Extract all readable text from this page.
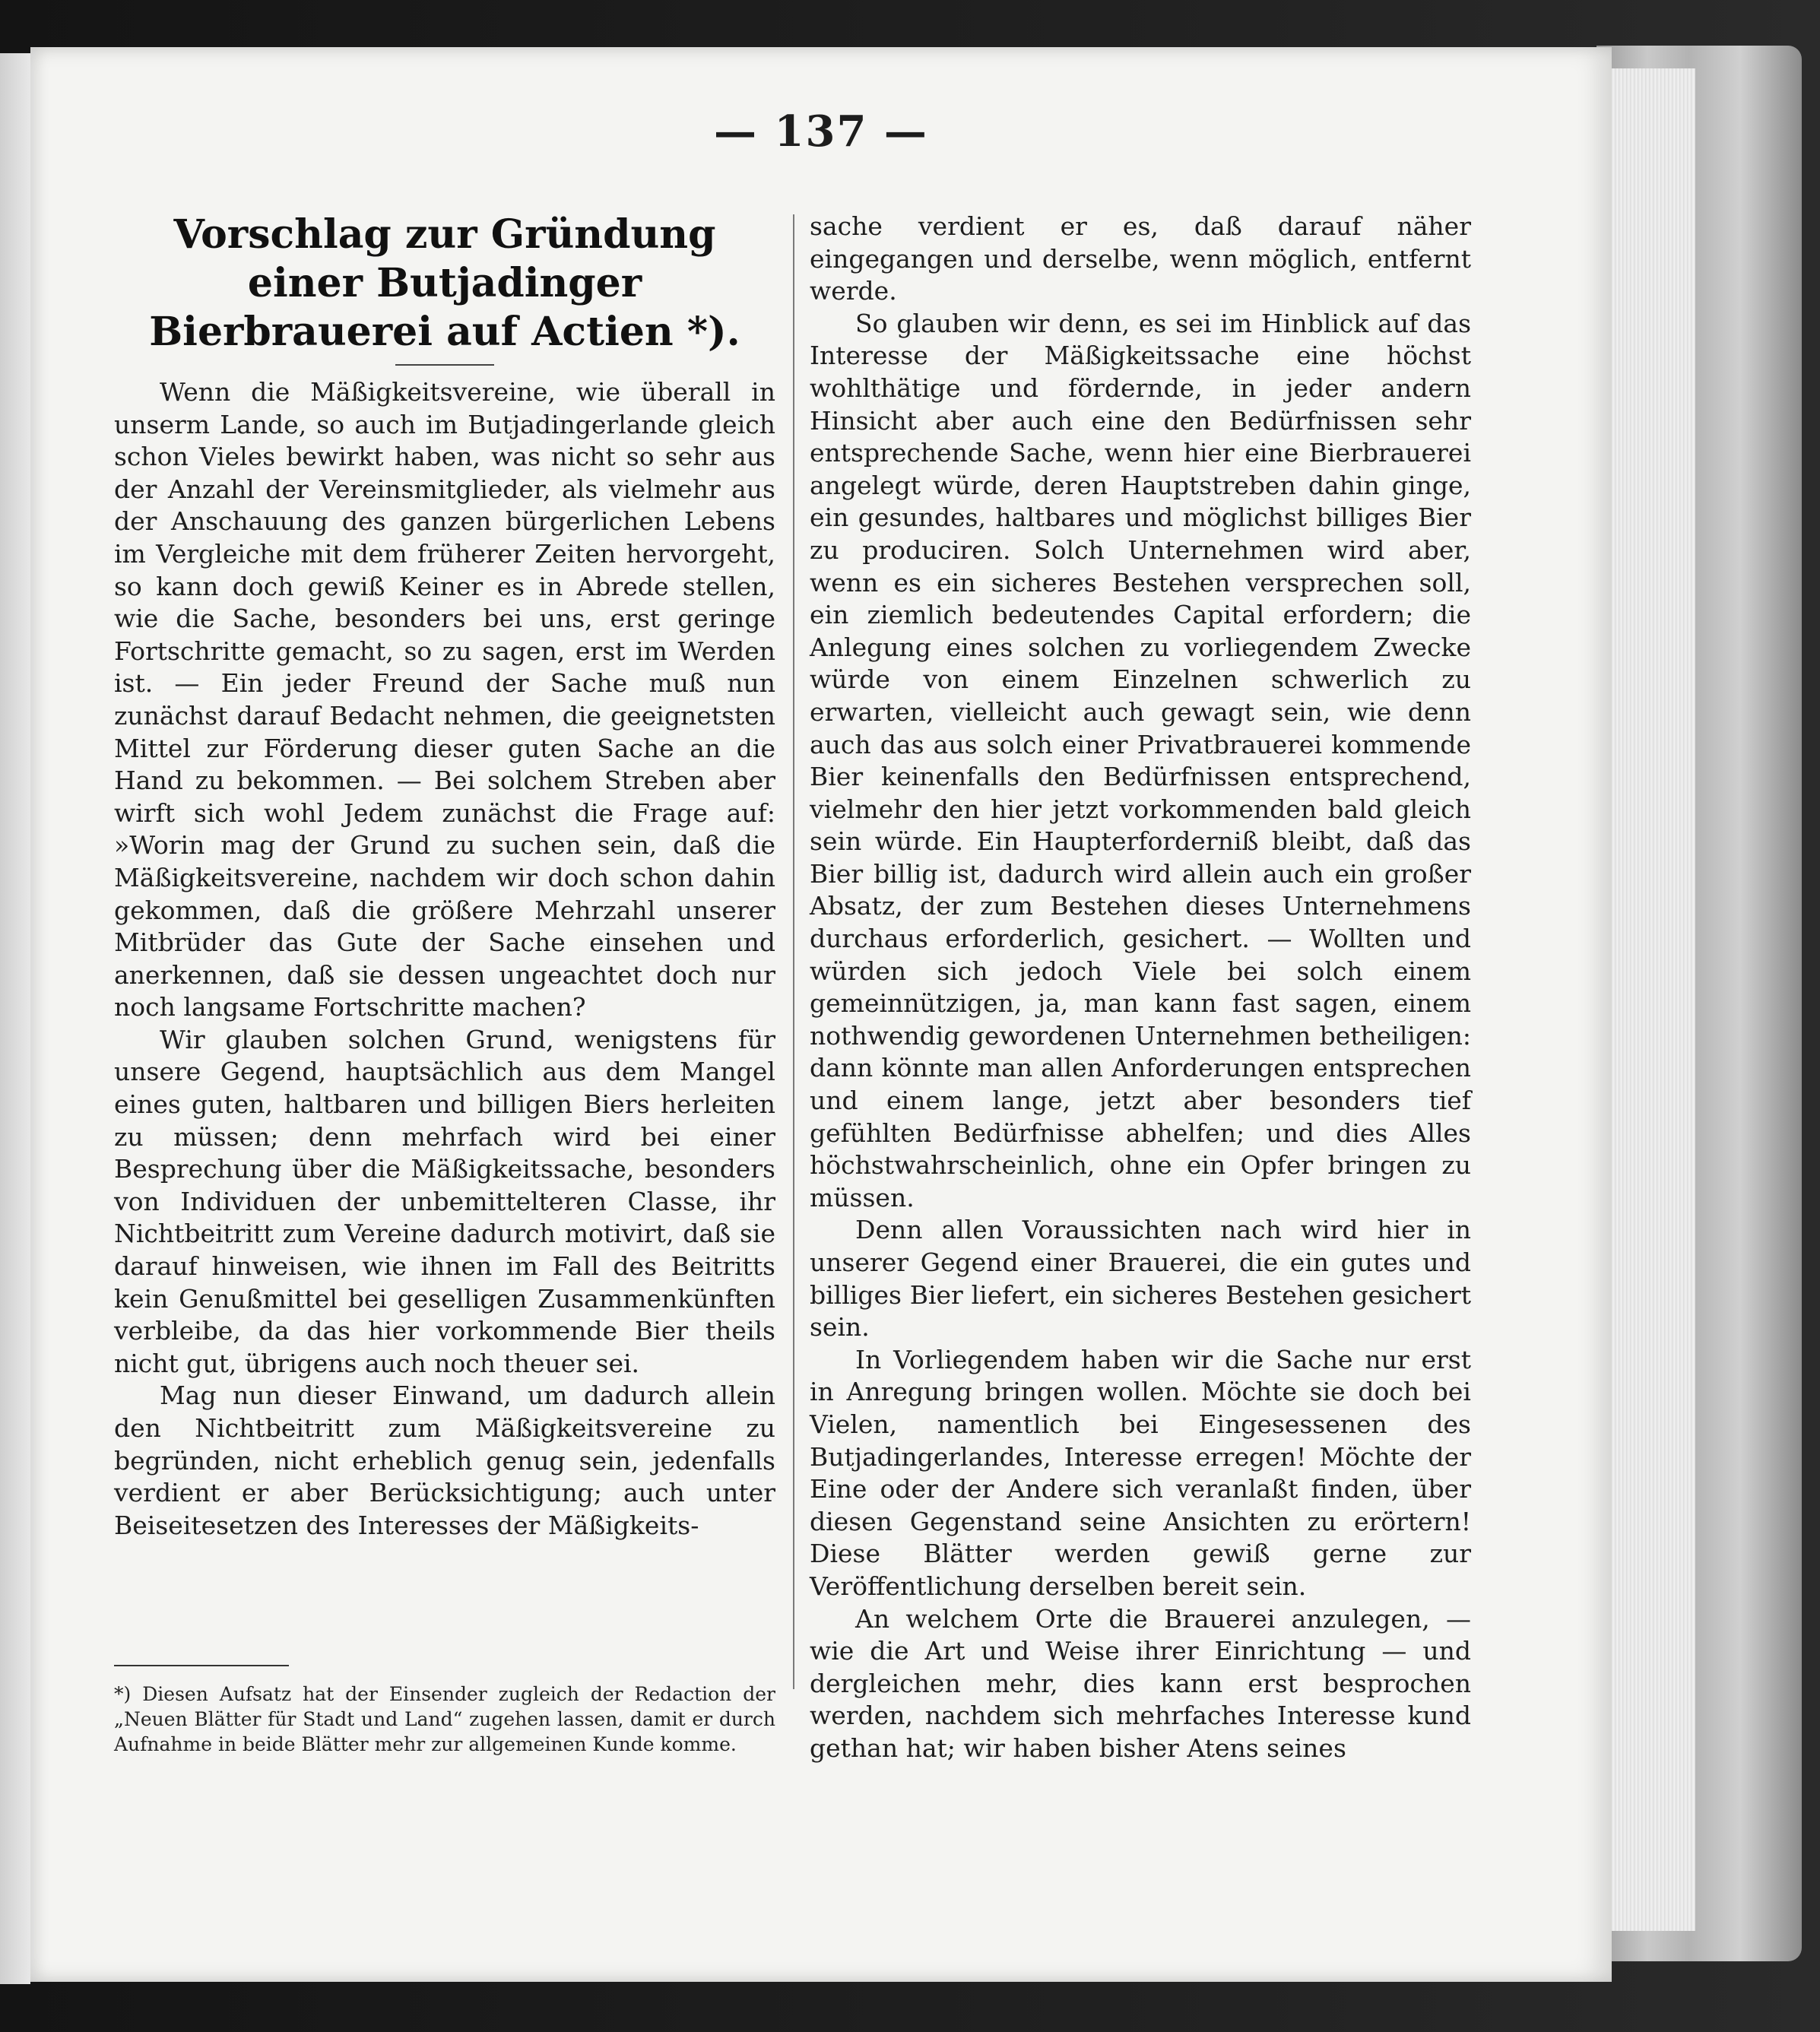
— 137 —
Vorschlag zur Gründung einer Butjadinger Bierbrauerei auf Actien *).

Wenn die Mäßigkeitsvereine, wie überall in unserm Lande, so auch im Butjadingerlande gleich schon Vieles bewirkt haben, was nicht so sehr aus der Anzahl der Vereinsmitglieder, als vielmehr aus der Anschauung des ganzen bürgerlichen Lebens im Vergleiche mit dem früherer Zeiten hervorgeht, so kann doch gewiß Keiner es in Abrede stellen, wie die Sache, besonders bei uns, erst geringe Fortschritte gemacht, so zu sagen, erst im Werden ist. — Ein jeder Freund der Sache muß nun zunächst darauf Bedacht nehmen, die geeignetsten Mittel zur Förderung dieser guten Sache an die Hand zu bekommen. — Bei solchem Streben aber wirft sich wohl Jedem zunächst die Frage auf: »Worin mag der Grund zu suchen sein, daß die Mäßigkeitsvereine, nachdem wir doch schon dahin gekommen, daß die größere Mehrzahl unserer Mitbrüder das Gute der Sache einsehen und anerkennen, daß sie dessen ungeachtet doch nur noch langsame Fortschritte machen?

Wir glauben solchen Grund, wenigstens für unsere Gegend, hauptsächlich aus dem Mangel eines guten, haltbaren und billigen Biers herleiten zu müssen; denn mehrfach wird bei einer Besprechung über die Mäßigkeitssache, besonders von Individuen der unbemittelteren Classe, ihr Nichtbeitritt zum Vereine dadurch motivirt, daß sie darauf hinweisen, wie ihnen im Fall des Beitritts kein Genußmittel bei geselligen Zusammenkünften verbleibe, da das hier vorkommende Bier theils nicht gut, übrigens auch noch theuer sei.

Mag nun dieser Einwand, um dadurch allein den Nichtbeitritt zum Mäßigkeitsvereine zu begründen, nicht erheblich genug sein, jedenfalls verdient er aber Berücksichtigung; auch unter Beiseitesetzen des Interesses der Mäßigkeits-

sache verdient er es, daß darauf näher eingegangen und derselbe, wenn möglich, entfernt werde.

So glauben wir denn, es sei im Hinblick auf das Interesse der Mäßigkeitssache eine höchst wohlthätige und fördernde, in jeder andern Hinsicht aber auch eine den Bedürfnissen sehr entsprechende Sache, wenn hier eine Bierbrauerei angelegt würde, deren Hauptstreben dahin ginge, ein gesundes, haltbares und möglichst billiges Bier zu produciren. Solch Unternehmen wird aber, wenn es ein sicheres Bestehen versprechen soll, ein ziemlich bedeutendes Capital erfordern; die Anlegung eines solchen zu vorliegendem Zwecke würde von einem Einzelnen schwerlich zu erwarten, vielleicht auch gewagt sein, wie denn auch das aus solch einer Privatbrauerei kommende Bier keinenfalls den Bedürfnissen entsprechend, vielmehr den hier jetzt vorkommenden bald gleich sein würde. Ein Haupterforderniß bleibt, daß das Bier billig ist, dadurch wird allein auch ein großer Absatz, der zum Bestehen dieses Unternehmens durchaus erforderlich, gesichert. — Wollten und würden sich jedoch Viele bei solch einem gemeinnützigen, ja, man kann fast sagen, einem nothwendig gewordenen Unternehmen betheiligen: dann könnte man allen Anforderungen entsprechen und einem lange, jetzt aber besonders tief gefühlten Bedürfnisse abhelfen; und dies Alles höchstwahrscheinlich, ohne ein Opfer bringen zu müssen.

Denn allen Voraussichten nach wird hier in unserer Gegend einer Brauerei, die ein gutes und billiges Bier liefert, ein sicheres Bestehen gesichert sein.

In Vorliegendem haben wir die Sache nur erst in Anregung bringen wollen. Möchte sie doch bei Vielen, namentlich bei Eingesessenen des Butjadingerlandes, Interesse erregen! Möchte der Eine oder der Andere sich veranlaßt finden, über diesen Gegenstand seine Ansichten zu erörtern! Diese Blätter werden gewiß gerne zur Veröffentlichung derselben bereit sein.

An welchem Orte die Brauerei anzulegen, — wie die Art und Weise ihrer Einrichtung — und dergleichen mehr, dies kann erst besprochen werden, nachdem sich mehrfaches Interesse kund gethan hat; wir haben bisher Atens seines

*) Diesen Aufsatz hat der Einsender zugleich der Redaction der „Neuen Blätter für Stadt und Land“ zugehen lassen, damit er durch Aufnahme in beide Blätter mehr zur allgemeinen Kunde komme.
